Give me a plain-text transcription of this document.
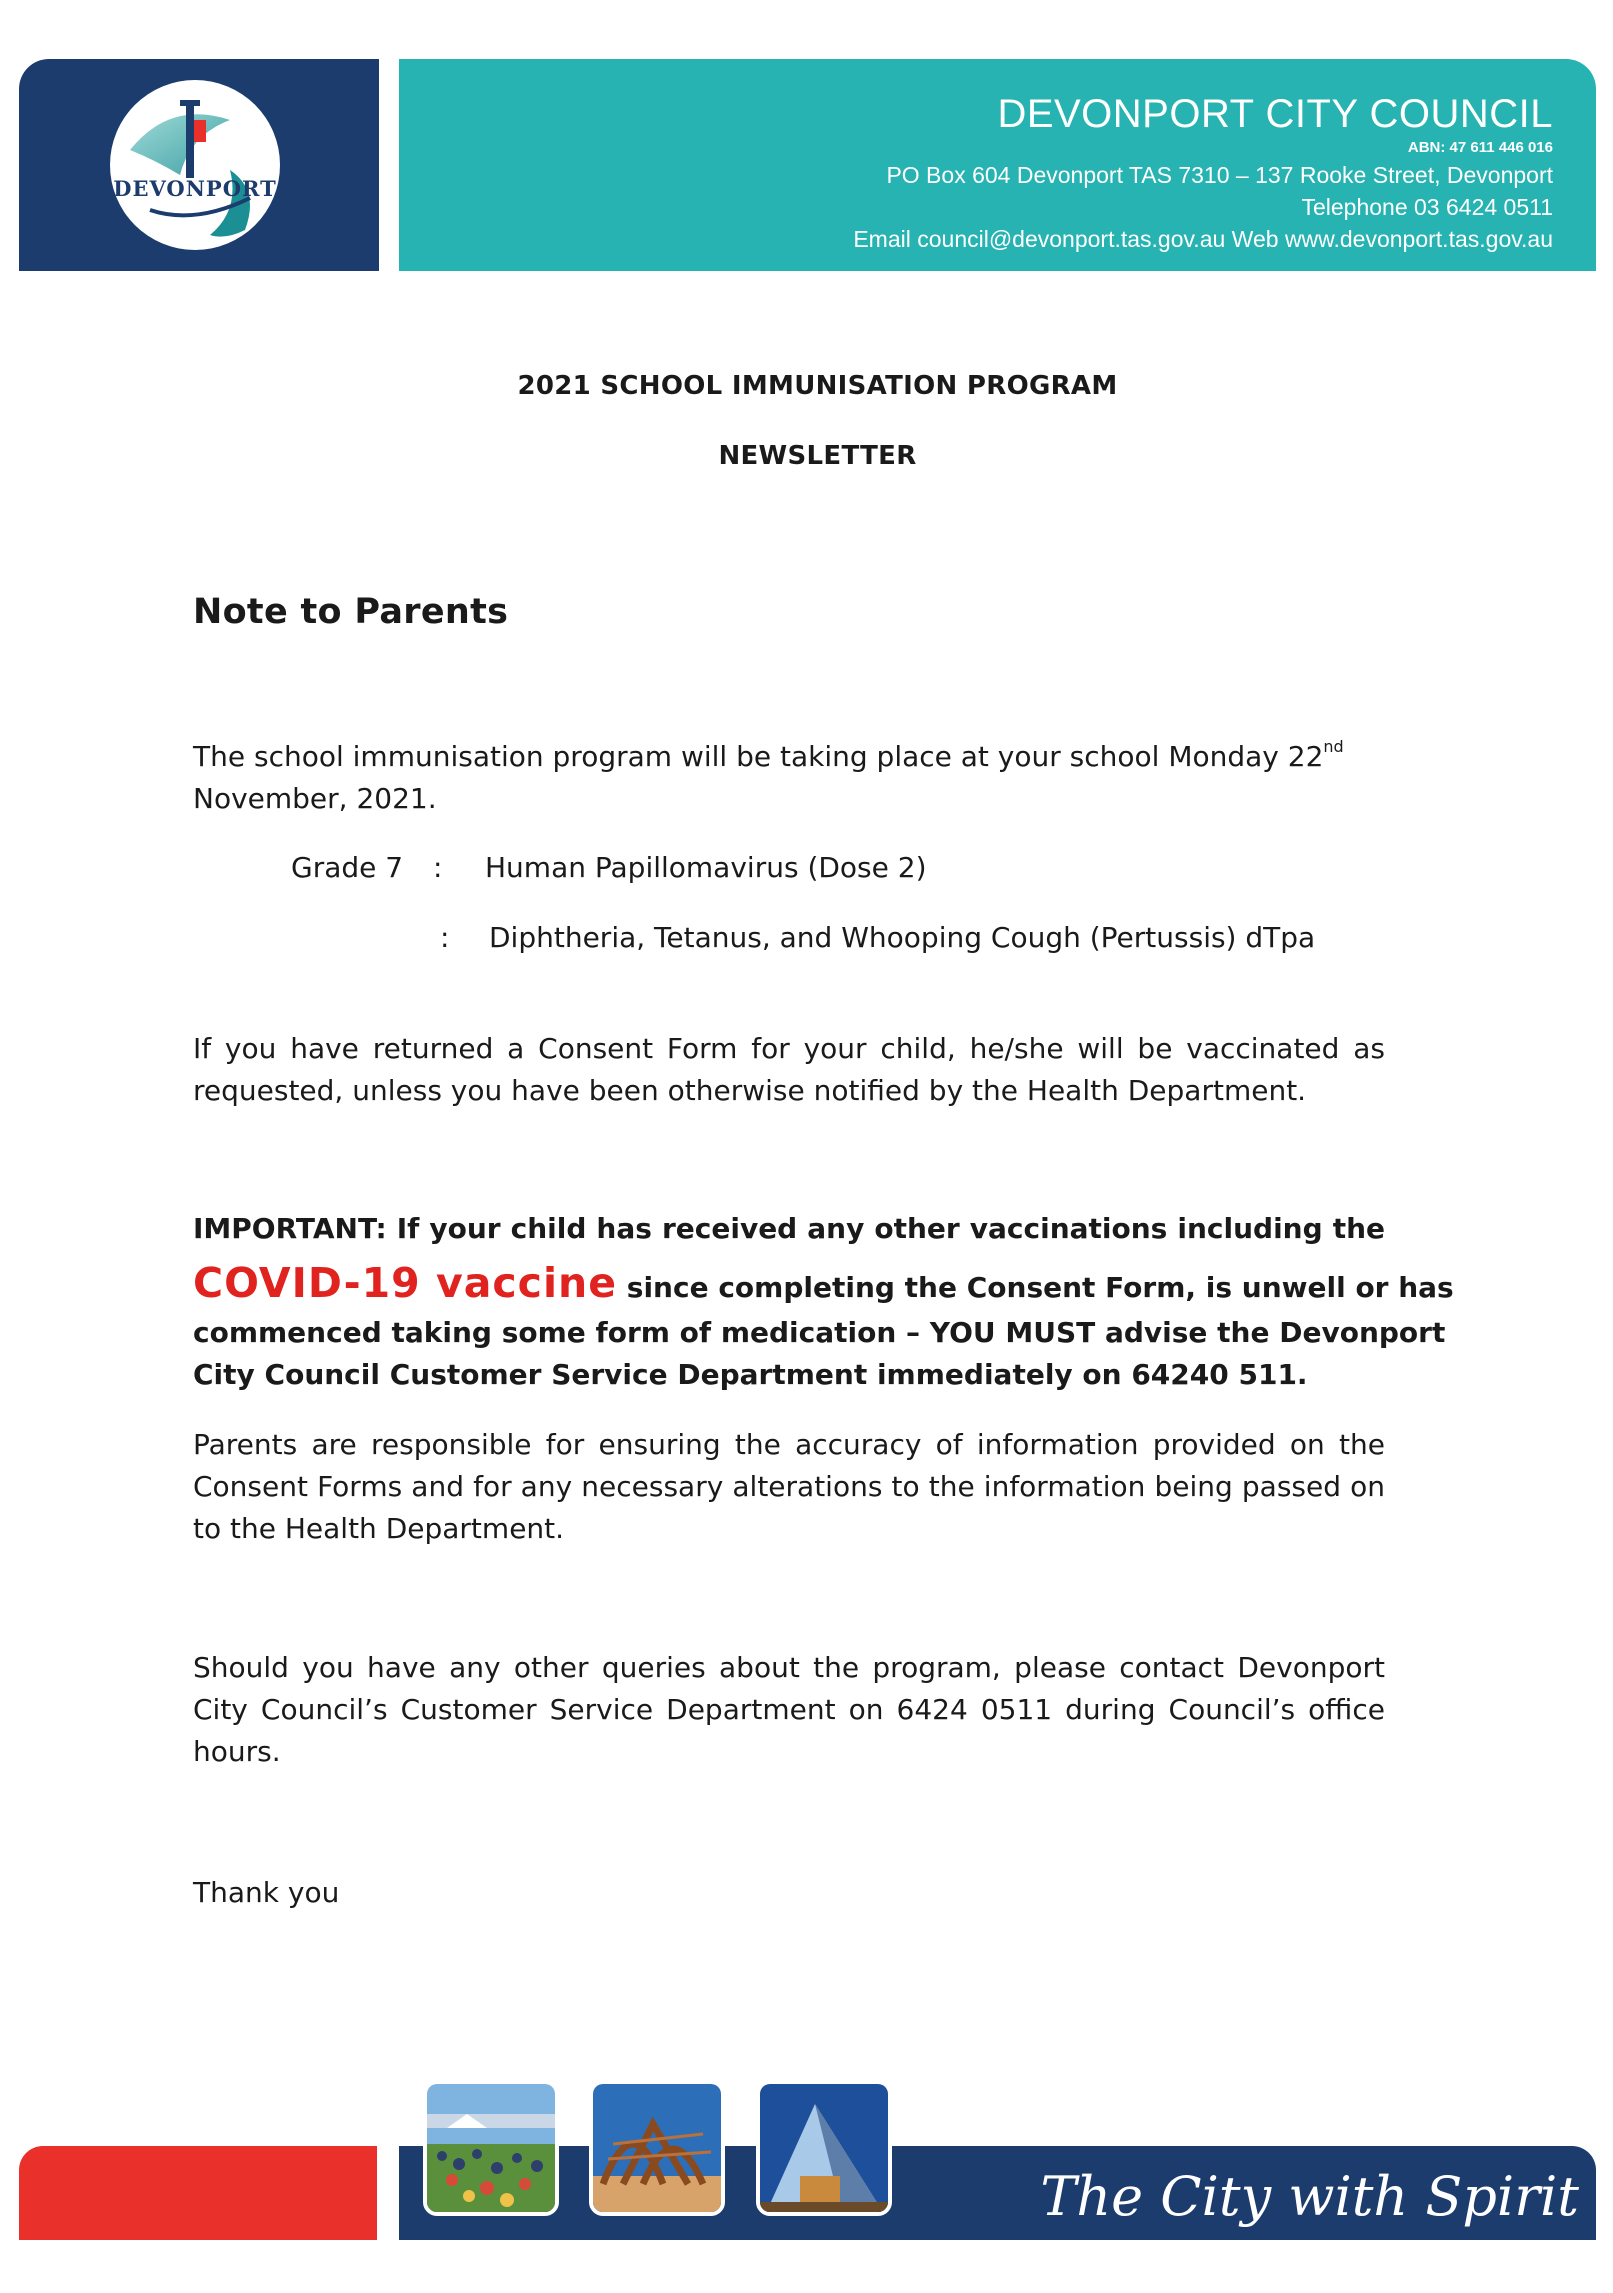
DEVONPORT
DEVONPORT CITY COUNCIL
ABN: 47 611 446 016
PO Box 604 Devonport TAS 7310 – 137 Rooke Street, Devonport
Telephone 03 6424 0511
Email council@devonport.tas.gov.au Web www.devonport.tas.gov.au
2021 SCHOOL IMMUNISATION PROGRAM
NEWSLETTER
Note to Parents
The school immunisation program will be taking place at your school Monday 22nd
November, 2021.
Grade 7 : Human Papillomavirus (Dose 2)
: Diphtheria, Tetanus, and Whooping Cough (Pertussis) dTpa
If you have returned a Consent Form for your child, he/she will be vaccinated as requested, unless you have been otherwise notified by the Health Department.
IMPORTANT: If your child has received any other vaccinations including the
COVID-19 vaccine since completing the Consent Form, is unwell or has
commenced taking some form of medication – YOU MUST advise the Devonport
City Council Customer Service Department immediately on 64240 511.
Parents are responsible for ensuring the accuracy of information provided on the Consent Forms and for any necessary alterations to the information being passed on to the Health Department.
Should you have any other queries about the program, please contact Devonport City Council’s Customer Service Department on 6424 0511 during Council’s office hours.
Thank you
The City with Spirit
